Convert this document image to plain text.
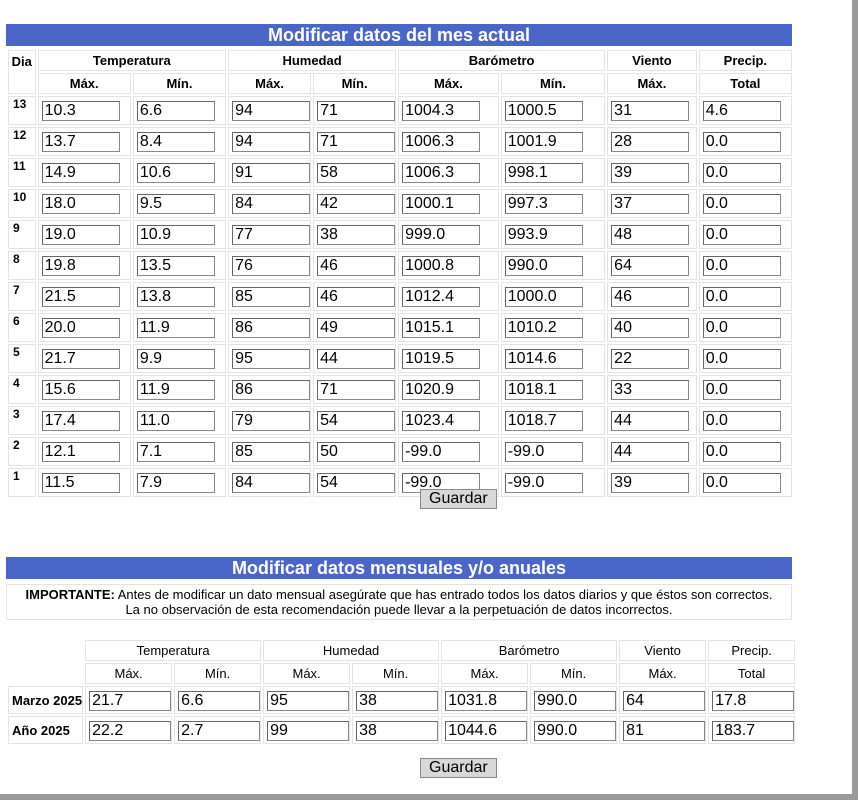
Modificar datos del mes actual
Dia	Temperatura		Humedad		Barómetro		Viento	Precip.
	Máx.	Mín.	Máx.	Mín.	Máx.	Mín.	Máx.	Total
13	10.3	6.6	94	71	1004.3	1000.5	31	4.6
12	13.7	8.4	94	71	1006.3	1001.9	28	0.0
11	14.9	10.6	91	58	1006.3	998.1	39	0.0
10	18.0	9.5	84	42	1000.1	997.3	37	0.0
9	19.0	10.9	77	38	999.0	993.9	48	0.0
8	19.8	13.5	76	46	1000.8	990.0	64	0.0
7	21.5	13.8	85	46	1012.4	1000.0	46	0.0
6	20.0	11.9	86	49	1015.1	1010.2	40	0.0
5	21.7	9.9	95	44	1019.5	1014.6	22	0.0
4	15.6	11.9	86	71	1020.9	1018.1	33	0.0
3	17.4	11.0	79	54	1023.4	1018.7	44	0.0
2	12.1	7.1	85	50	-99.0	-99.0	44	0.0
1	11.5	7.9	84	54	-99.0	-99.0	39	0.0
Guardar
Modificar datos mensuales y/o anuales
IMPORTANTE: Antes de modificar un dato mensual asegúrate que has entrado todos los datos diarios y que éstos son correctos.
La no observación de esta recomendación puede llevar a la perpetuación de datos incorrectos.
	Temperatura		Humedad		Barómetro		Viento	Precip.
	Máx.	Mín.	Máx.	Mín.	Máx.	Mín.	Máx.	Total
Marzo 2025	21.7	6.6	95	38	1031.8	990.0	64	17.8
Año 2025	22.2	2.7	99	38	1044.6	990.0	81	183.7
Guardar
